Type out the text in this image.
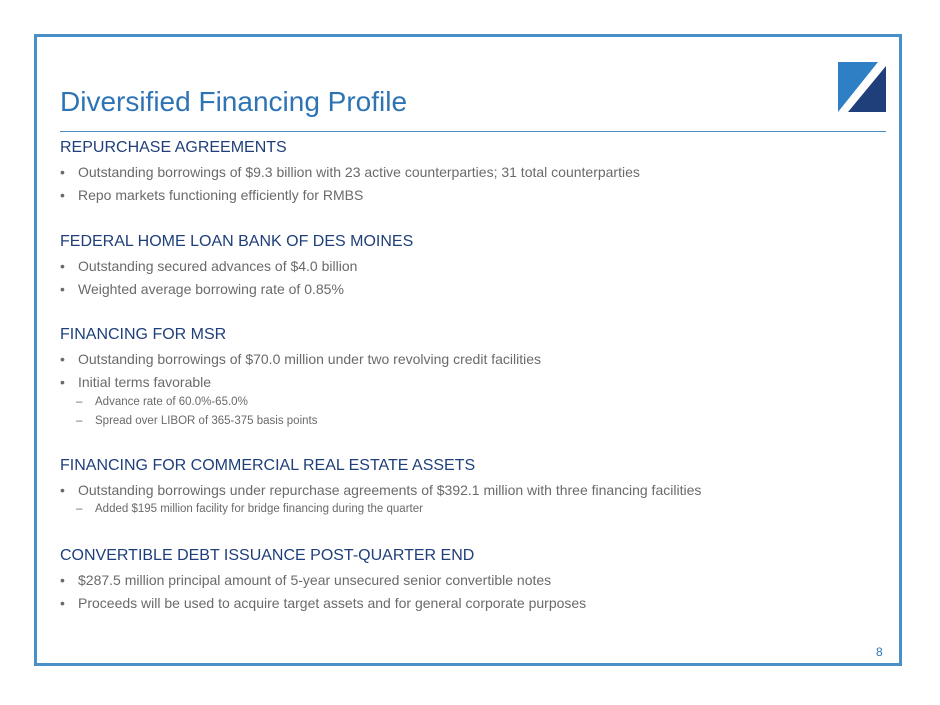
Diversified Financing Profile
REPURCHASE AGREEMENTS
• Outstanding borrowings of $9.3 billion with 23 active counterparties; 31 total counterparties
• Repo markets functioning efficiently for RMBS
FEDERAL HOME LOAN BANK OF DES MOINES
• Outstanding secured advances of $4.0 billion
• Weighted average borrowing rate of 0.85%
FINANCING FOR MSR
• Outstanding borrowings of $70.0 million under two revolving credit facilities
• Initial terms favorable
– Advance rate of 60.0%-65.0%
– Spread over LIBOR of 365-375 basis points
FINANCING FOR COMMERCIAL REAL ESTATE ASSETS
• Outstanding borrowings under repurchase agreements of $392.1 million with three financing facilities
– Added $195 million facility for bridge financing during the quarter
CONVERTIBLE DEBT ISSUANCE POST-QUARTER END
• $287.5 million principal amount of 5-year unsecured senior convertible notes
• Proceeds will be used to acquire target assets and for general corporate purposes
8
